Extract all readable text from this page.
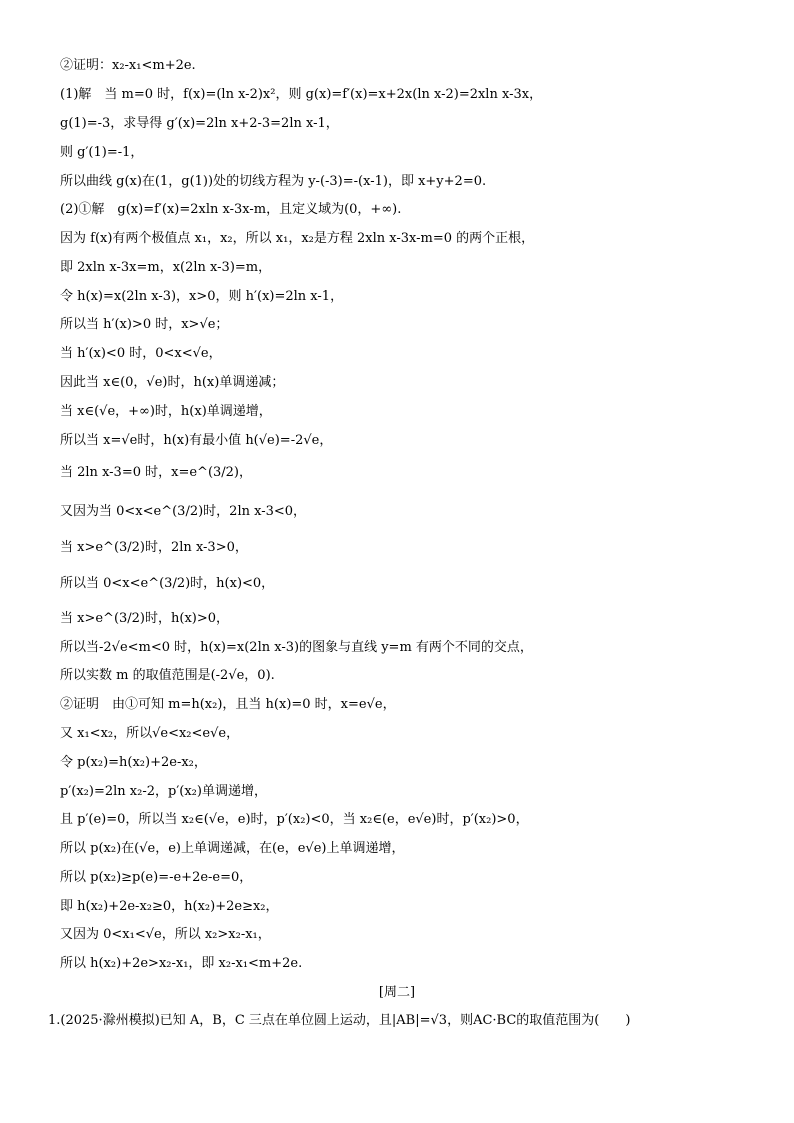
②证明：x₂-x₁<m+2e.
(1)解　当 m=0 时，f(x)=(ln x-2)x²，则 g(x)=f′(x)=x+2x(ln x-2)=2xln x-3x，
g(1)=-3，求导得 g′(x)=2ln x+2-3=2ln x-1，
则 g′(1)=-1，
所以曲线 g(x)在(1，g(1))处的切线方程为 y-(-3)=-(x-1)，即 x+y+2=0.
(2)①解　g(x)=f′(x)=2xln x-3x-m，且定义域为(0，+∞).
因为 f(x)有两个极值点 x₁，x₂，所以 x₁，x₂是方程 2xln x-3x-m=0 的两个正根，
即 2xln x-3x=m，x(2ln x-3)=m，
令 h(x)=x(2ln x-3)，x>0，则 h′(x)=2ln x-1，
所以当 h′(x)>0 时，x>√e；
当 h′(x)<0 时，0<x<√e，
因此当 x∈(0，√e)时，h(x)单调递减；
当 x∈(√e，+∞)时，h(x)单调递增，
所以当 x=√e时，h(x)有最小值 h(√e)=-2√e，
当 2ln x-3=0 时，x=e^(3/2)，
又因为当 0<x<e^(3/2)时，2ln x-3<0，
当 x>e^(3/2)时，2ln x-3>0，
所以当 0<x<e^(3/2)时，h(x)<0，
当 x>e^(3/2)时，h(x)>0，
所以当-2√e<m<0 时，h(x)=x(2ln x-3)的图象与直线 y=m 有两个不同的交点，
所以实数 m 的取值范围是(-2√e，0).
②证明　由①可知 m=h(x₂)，且当 h(x)=0 时，x=e√e，
又 x₁<x₂，所以√e<x₂<e√e，
令 p(x₂)=h(x₂)+2e-x₂，
p′(x₂)=2ln x₂-2，p′(x₂)单调递增，
且 p′(e)=0，所以当 x₂∈(√e，e)时，p′(x₂)<0，当 x₂∈(e，e√e)时，p′(x₂)>0，
所以 p(x₂)在(√e，e)上单调递减，在(e，e√e)上单调递增，
所以 p(x₂)≥p(e)=-e+2e-e=0，
即 h(x₂)+2e-x₂≥0，h(x₂)+2e≥x₂，
又因为 0<x₁<√e，所以 x₂>x₂-x₁，
所以 h(x₂)+2e>x₂-x₁，即 x₂-x₁<m+2e.
[周二]
1.(2025·滁州模拟)已知 A，B，C 三点在单位圆上运动，且|AB|=√3，则AC·BC的取值范围为(　　)
